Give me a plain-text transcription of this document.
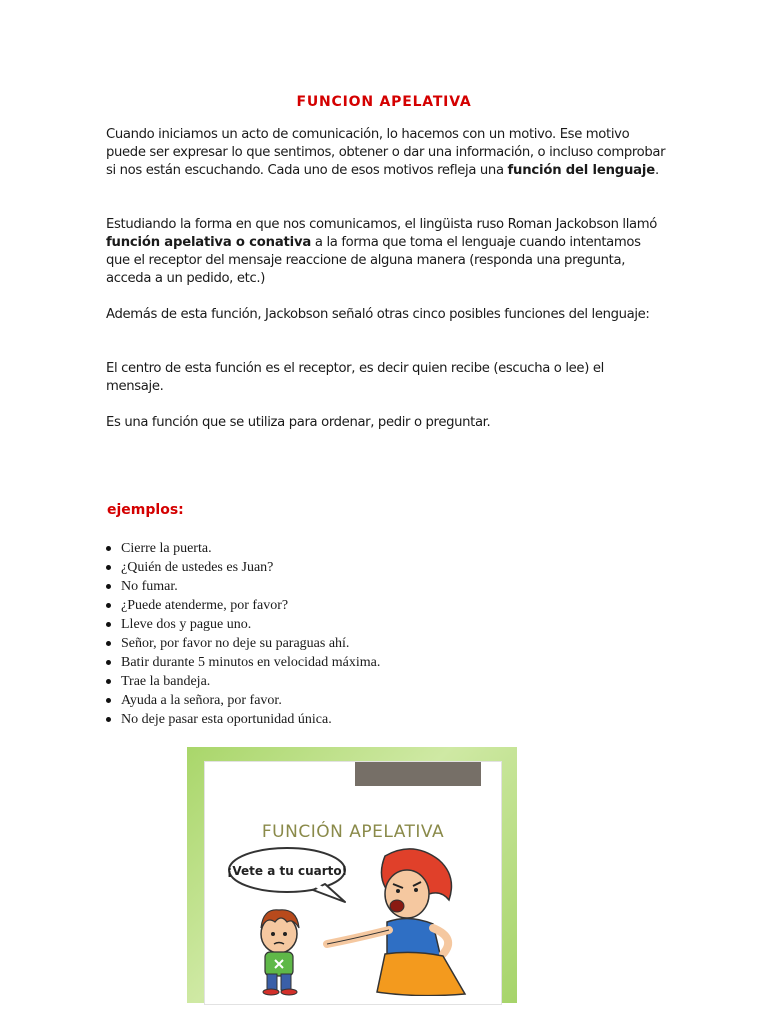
FUNCION APELATIVA

Cuando iniciamos un acto de comunicación, lo hacemos con un motivo. Ese motivo puede ser expresar lo que sentimos, obtener o dar una información, o incluso comprobar si nos están escuchando. Cada uno de esos motivos refleja una función del lenguaje.

Estudiando la forma en que nos comunicamos, el lingüista ruso Roman Jackobson llamó función apelativa o conativa a la forma que toma el lenguaje cuando intentamos que el receptor del mensaje reaccione de alguna manera (responda una pregunta, acceda a un pedido, etc.)

Además de esta función, Jackobson señaló otras cinco posibles funciones del lenguaje:

El centro de esta función es el receptor, es decir quien recibe (escucha o lee) el mensaje.

Es una función que se utiliza para ordenar, pedir o preguntar.

ejemplos:
Cierre la puerta.
¿Quién de ustedes es Juan?
No fumar.
¿Puede atenderme, por favor?
Lleve dos y pague uno.
Señor, por favor no deje su paraguas ahí.
Batir durante 5 minutos en velocidad máxima.
Trae la bandeja.
Ayuda a la señora, por favor.
No deje pasar esta oportunidad única.
FUNCIÓN APELATIVA
¡Vete a tu cuarto!
